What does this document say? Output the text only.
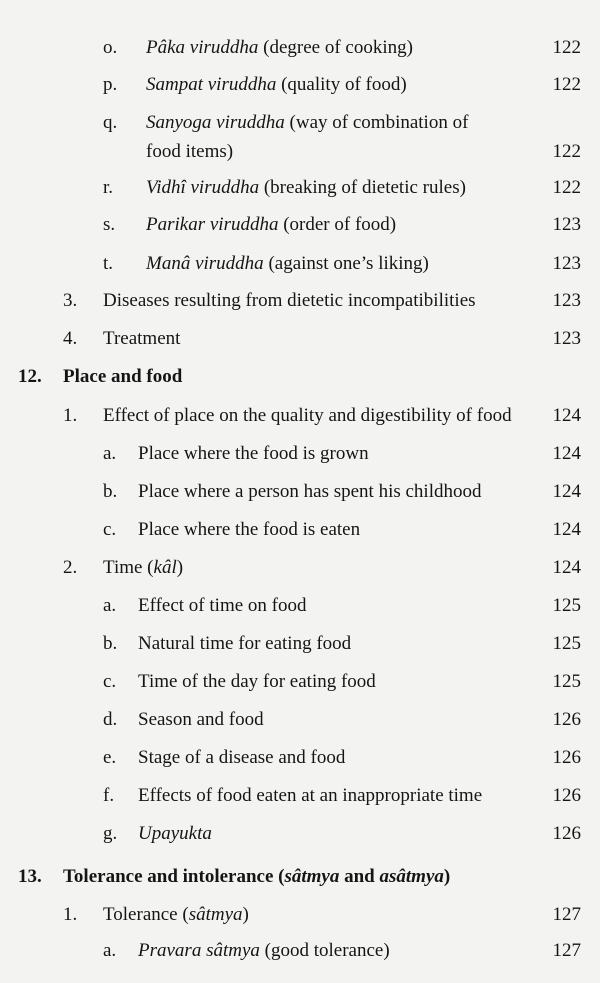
o. Pâka viruddha (degree of cooking)	122
p. Sampat viruddha (quality of food)	122
q. Sanyoga viruddha (way of combination of
food items)	122
r. Vidhî viruddha (breaking of dietetic rules)	122
s. Parikar viruddha (order of food)	123
t. Manâ viruddha (against one’s liking)	123
3. Diseases resulting from dietetic incompatibilities	123
4. Treatment	123
12. Place and food
1. Effect of place on the quality and digestibility of food 124
a. Place where the food is grown	124
b. Place where a person has spent his childhood	124
c. Place where the food is eaten	124
2. Time (kâl)	124
a. Effect of time on food	125
b. Natural time for eating food	125
c. Time of the day for eating food	125
d. Season and food	126
e. Stage of a disease and food	126
f. Effects of food eaten at an inappropriate time	126
g. Upayukta	126
13. Tolerance and intolerance (sâtmya and asâtmya)
1. Tolerance (sâtmya)	127
a. Pravara sâtmya (good tolerance)	127
